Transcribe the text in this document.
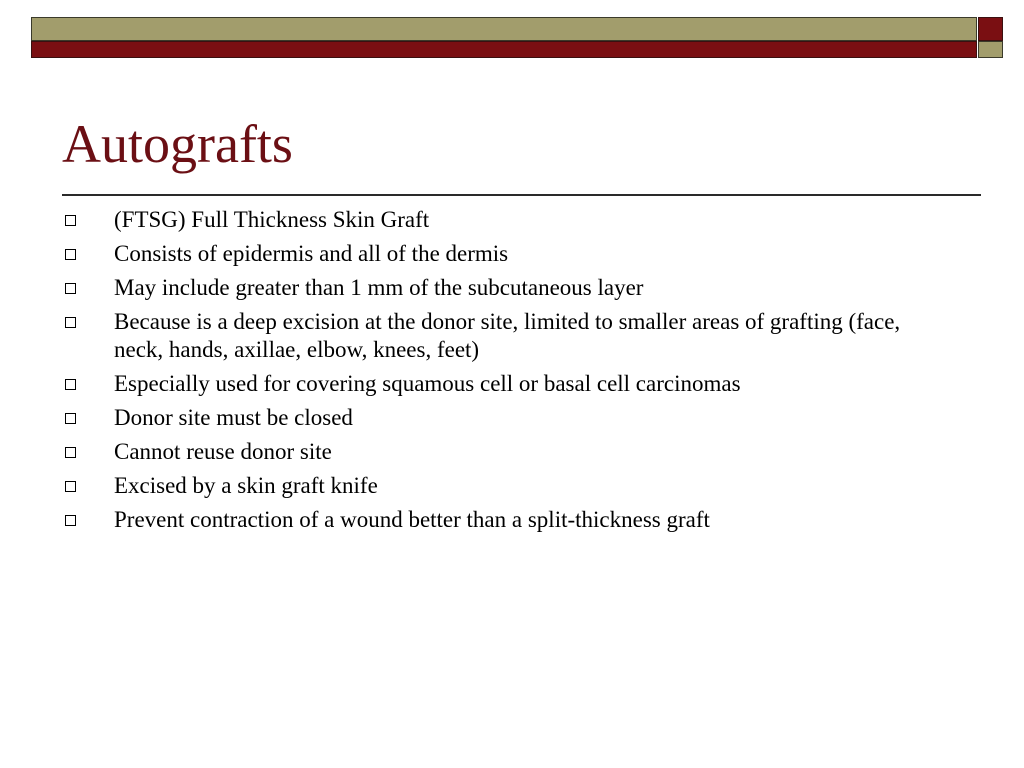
Autografts
(FTSG) Full Thickness Skin Graft
Consists of epidermis and all of the dermis
May include greater than 1 mm of the subcutaneous layer
Because is a deep excision at the donor site, limited to smaller areas of grafting (face, neck, hands, axillae, elbow, knees, feet)
Especially used for covering squamous cell or basal cell carcinomas
Donor site must be closed
Cannot reuse donor site
Excised by a skin graft knife
Prevent contraction of a wound better than a split-thickness graft
